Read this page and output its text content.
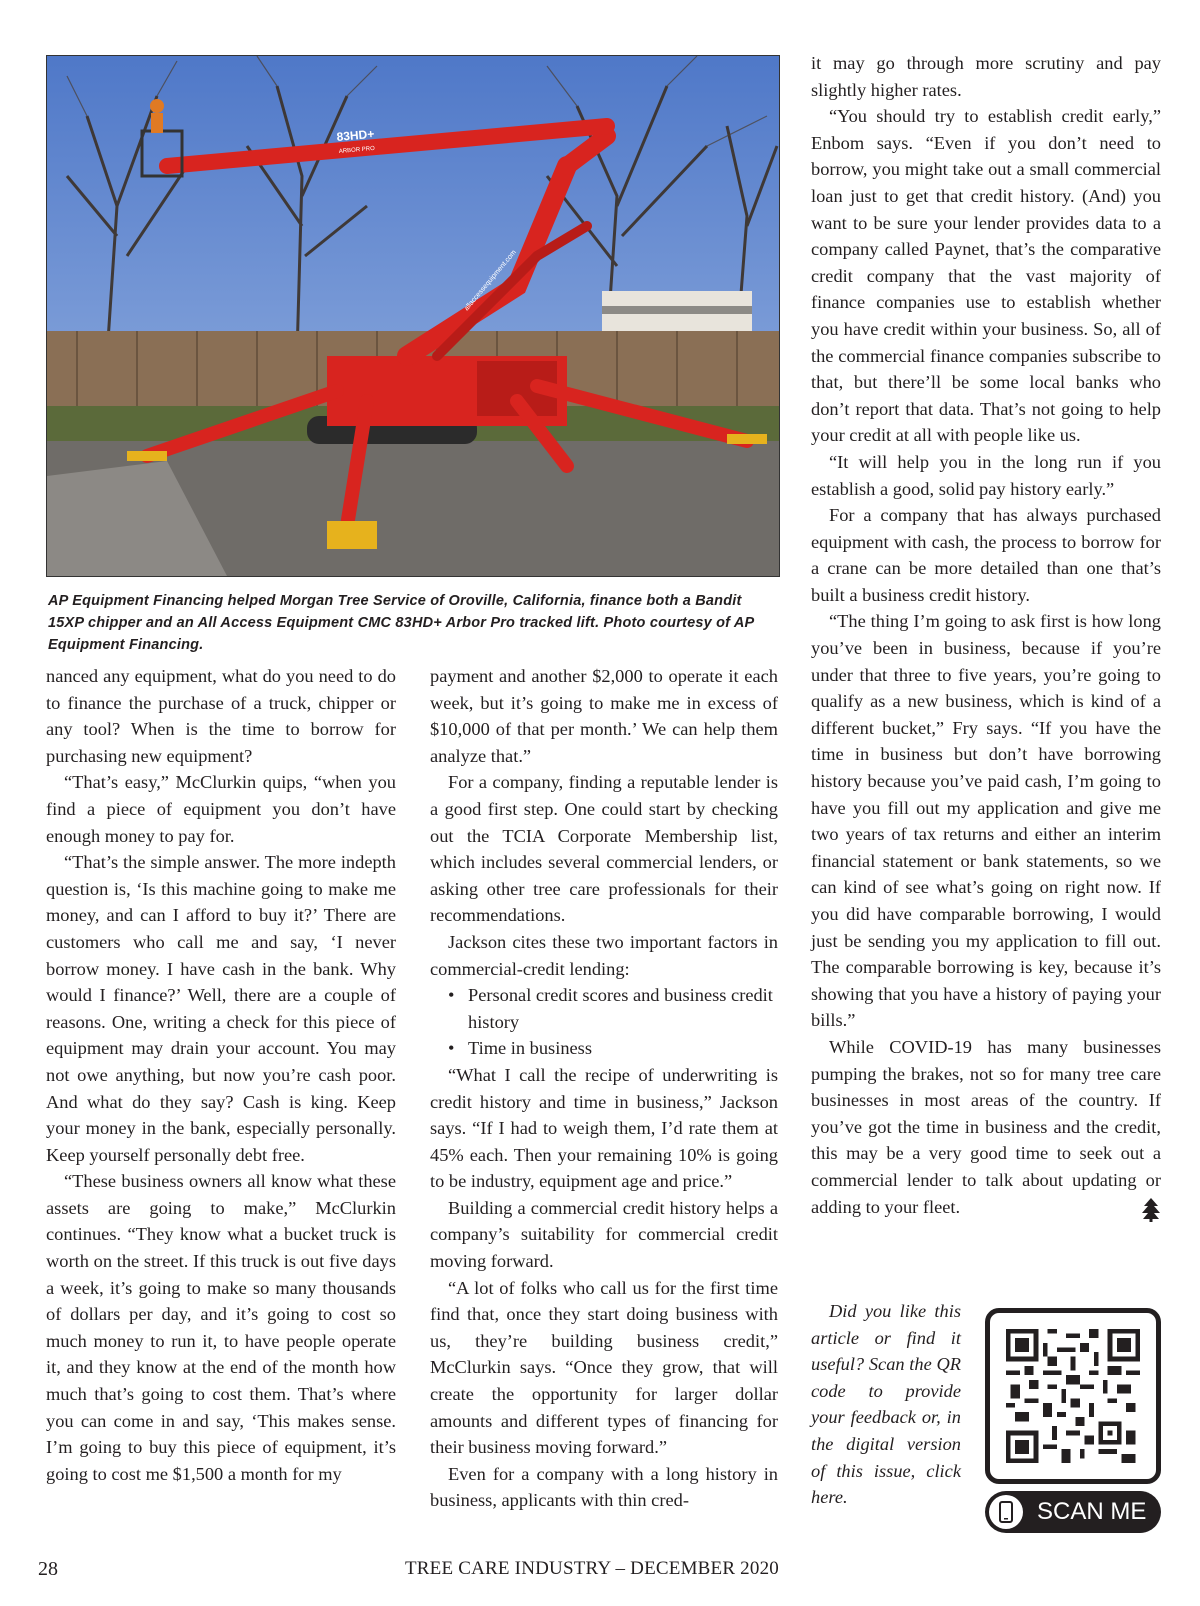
83HD+
ARBOR PRO
allaccessequipment.com
AP Equipment Financing helped Morgan Tree Service of Oroville, California, finance both a Bandit 15XP chipper and an All Access Equipment CMC 83HD+ Arbor Pro tracked lift. Photo courtesy of AP Equipment Financing.

nanced any equipment, what do you need to do to finance the purchase of a truck, chipper or any tool? When is the time to borrow for purchasing new equipment?

“That’s easy,” McClurkin quips, “when you find a piece of equipment you don’t have enough money to pay for.

“That’s the simple answer. The more indepth question is, ‘Is this machine going to make me money, and can I afford to buy it?’ There are customers who call me and say, ‘I never borrow money. I have cash in the bank. Why would I finance?’ Well, there are a couple of reasons. One, writing a check for this piece of equipment may drain your account. You may not owe anything, but now you’re cash poor. And what do they say? Cash is king. Keep your money in the bank, especially personally. Keep yourself personally debt free.

“These business owners all know what these assets are going to make,” McClurkin continues. “They know what a bucket truck is worth on the street. If this truck is out five days a week, it’s going to make so many thousands of dollars per day, and it’s going to cost so much money to run it, to have people operate it, and they know at the end of the month how much that’s going to cost them. That’s where you can come in and say, ‘This makes sense. I’m going to buy this piece of equipment, it’s going to cost me $1,500 a month for my

payment and another $2,000 to operate it each week, but it’s going to make me in excess of $10,000 of that per month.’ We can help them analyze that.”

For a company, finding a reputable lender is a good first step. One could start by checking out the TCIA Corporate Membership list, which includes several commercial lenders, or asking other tree care professionals for their recommendations.

Jackson cites these two important factors in commercial-credit lending:

• Personal credit scores and business credit history
• Time in business

“What I call the recipe of underwriting is credit history and time in business,” Jackson says. “If I had to weigh them, I’d rate them at 45% each. Then your remaining 10% is going to be industry, equipment age and price.”

Building a commercial credit history helps a company’s suitability for commercial credit moving forward.

“A lot of folks who call us for the first time find that, once they start doing business with us, they’re building business credit,” McClurkin says. “Once they grow, that will create the opportunity for larger dollar amounts and different types of financing for their business moving forward.”

Even for a company with a long history in business, applicants with thin cred-

it may go through more scrutiny and pay slightly higher rates.

“You should try to establish credit early,” Enbom says. “Even if you don’t need to borrow, you might take out a small commercial loan just to get that credit history. (And) you want to be sure your lender provides data to a company called Paynet, that’s the comparative credit company that the vast majority of finance companies use to establish whether you have credit within your business. So, all of the commercial finance companies subscribe to that, but there’ll be some local banks who don’t report that data. That’s not going to help your credit at all with people like us.

“It will help you in the long run if you establish a good, solid pay history early.”

For a company that has always purchased equipment with cash, the process to borrow for a crane can be more detailed than one that’s built a business credit history.

“The thing I’m going to ask first is how long you’ve been in business, because if you’re under that three to five years, you’re going to qualify as a new business, which is kind of a different bucket,” Fry says. “If you have the time in business but don’t have borrowing history because you’ve paid cash, I’m going to have you fill out my application and give me two years of tax returns and either an interim financial statement or bank statements, so we can kind of see what’s going on right now. If you did have comparable borrowing, I would just be sending you my application to fill out. The comparable borrowing is key, because it’s showing that you have a history of paying your bills.”

While COVID-19 has many businesses pumping the brakes, not so for many tree care businesses in most areas of the country. If you’ve got the time in business and the credit, this may be a very good time to seek out a commercial lender to talk about updating or adding to your fleet.

Did you like this article or find it useful? Scan the QR code to provide your feedback or, in the digital version of this issue, click here.

SCAN ME
28	TREE CARE INDUSTRY – DECEMBER 2020
